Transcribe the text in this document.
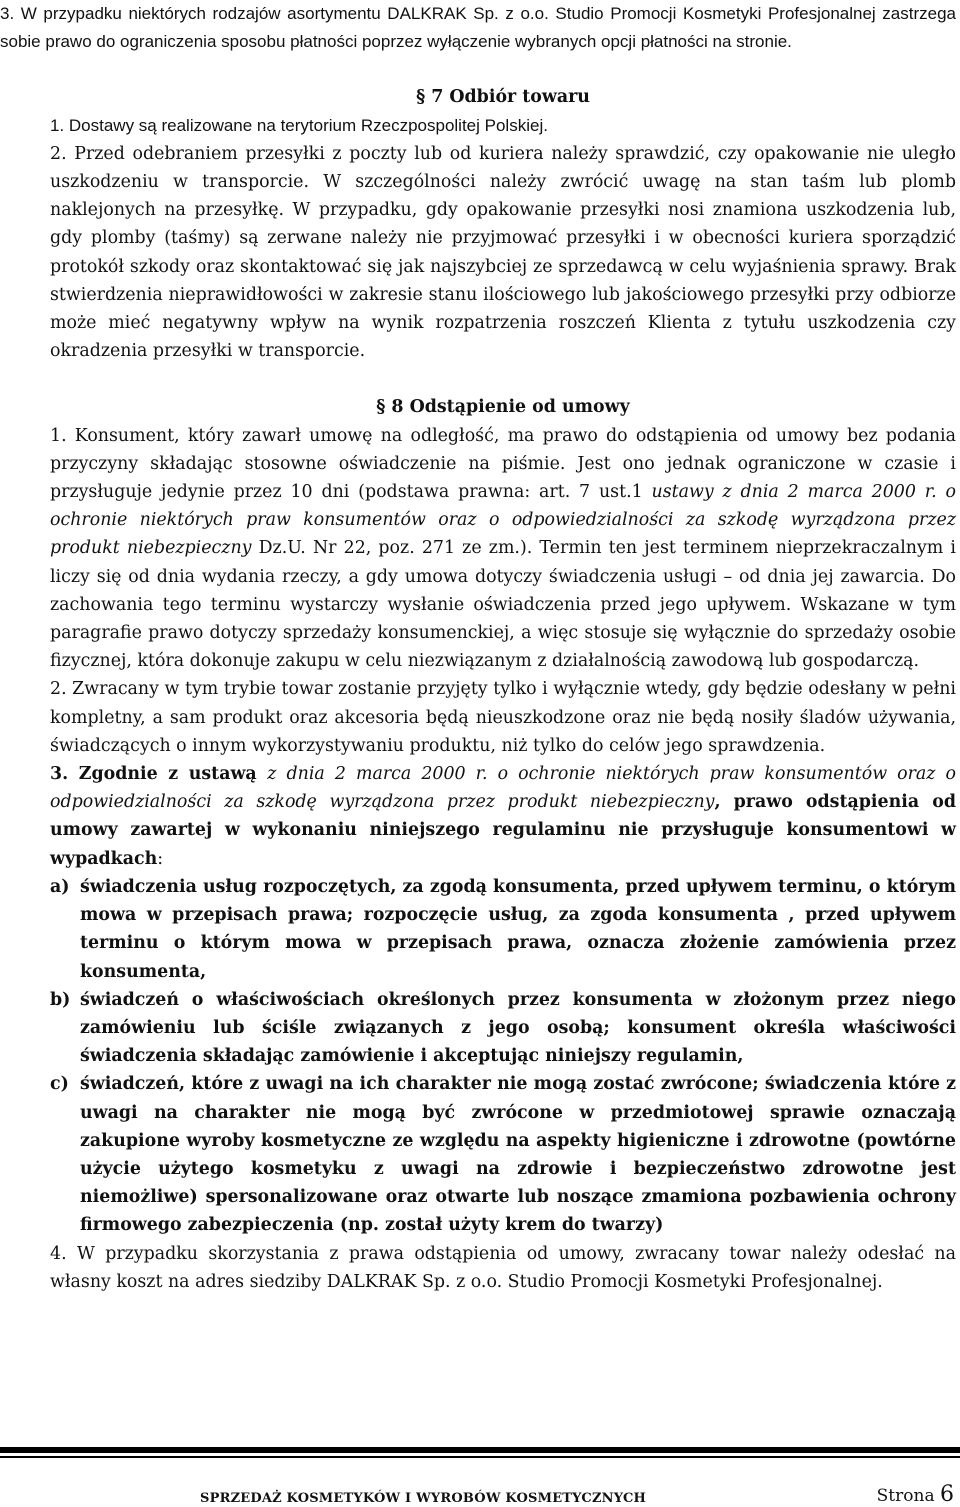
3. W przypadku niektórych rodzajów asortymentu DALKRAK Sp. z o.o. Studio Promocji Kosmetyki Profesjonalnej zastrzega sobie prawo do ograniczenia sposobu płatności poprzez wyłączenie wybranych opcji płatności na stronie.

§ 7 Odbiór towaru

1. Dostawy są realizowane na terytorium Rzeczpospolitej Polskiej.

2. Przed odebraniem przesyłki z poczty lub od kuriera należy sprawdzić, czy opakowanie nie uległo uszkodzeniu w transporcie. W szczególności należy zwrócić uwagę na stan taśm lub plomb naklejonych na przesyłkę. W przypadku, gdy opakowanie przesyłki nosi znamiona uszkodzenia lub, gdy plomby (taśmy) są zerwane należy nie przyjmować przesyłki i w obecności kuriera sporządzić protokół szkody oraz skontaktować się jak najszybciej ze sprzedawcą w celu wyjaśnienia sprawy. Brak stwierdzenia nieprawidłowości w zakresie stanu ilościowego lub jakościowego przesyłki przy odbiorze może mieć negatywny wpływ na wynik rozpatrzenia roszczeń Klienta z tytułu uszkodzenia czy okradzenia przesyłki w transporcie.

§ 8 Odstąpienie od umowy

1. Konsument, który zawarł umowę na odległość, ma prawo do odstąpienia od umowy bez podania przyczyny składając stosowne oświadczenie na piśmie. Jest ono jednak ograniczone w czasie i przysługuje jedynie przez 10 dni (podstawa prawna: art. 7 ust.1 ustawy z dnia 2 marca 2000 r. o ochronie niektórych praw konsumentów oraz o odpowiedzialności za szkodę wyrządzona przez produkt niebezpieczny Dz.U. Nr 22, poz. 271 ze zm.). Termin ten jest terminem nieprzekraczalnym i liczy się od dnia wydania rzeczy, a gdy umowa dotyczy świadczenia usługi – od dnia jej zawarcia. Do zachowania tego terminu wystarczy wysłanie oświadczenia przed jego upływem. Wskazane w tym paragrafie prawo dotyczy sprzedaży konsumenckiej, a więc stosuje się wyłącznie do sprzedaży osobie fizycznej, która dokonuje zakupu w celu niezwiązanym z działalnością zawodową lub gospodarczą.

2. Zwracany w tym trybie towar zostanie przyjęty tylko i wyłącznie wtedy, gdy będzie odesłany w pełni kompletny, a sam produkt oraz akcesoria będą nieuszkodzone oraz nie będą nosiły śladów używania, świadczących o innym wykorzystywaniu produktu, niż tylko do celów jego sprawdzenia.

3. Zgodnie z ustawą z dnia 2 marca 2000 r. o ochronie niektórych praw konsumentów oraz o odpowiedzialności za szkodę wyrządzona przez produkt niebezpieczny, prawo odstąpienia od umowy zawartej w wykonaniu niniejszego regulaminu nie przysługuje konsumentowi w wypadkach:

a) świadczenia usług rozpoczętych, za zgodą konsumenta, przed upływem terminu, o którym mowa w przepisach prawa; rozpoczęcie usług, za zgoda konsumenta , przed upływem terminu o którym mowa w przepisach prawa, oznacza złożenie zamówienia przez konsumenta,

b) świadczeń o właściwościach określonych przez konsumenta w złożonym przez niego zamówieniu lub ściśle związanych z jego osobą; konsument określa właściwości świadczenia składając zamówienie i akceptując niniejszy regulamin,

c) świadczeń, które z uwagi na ich charakter nie mogą zostać zwrócone; świadczenia które z uwagi na charakter nie mogą być zwrócone w przedmiotowej sprawie oznaczają zakupione wyroby kosmetyczne ze względu na aspekty higieniczne i zdrowotne (powtórne użycie użytego kosmetyku z uwagi na zdrowie i bezpieczeństwo zdrowotne jest niemożliwe) spersonalizowane oraz otwarte lub noszące zmamiona pozbawienia ochrony firmowego zabezpieczenia (np. został użyty krem do twarzy)

4. W przypadku skorzystania z prawa odstąpienia od umowy, zwracany towar należy odesłać na własny koszt na adres siedziby DALKRAK Sp. z o.o. Studio Promocji Kosmetyki Profesjonalnej.

SPRZEDAŻ KOSMETYKÓW I WYROBÓW KOSMETYCZNYCH	Strona 6
